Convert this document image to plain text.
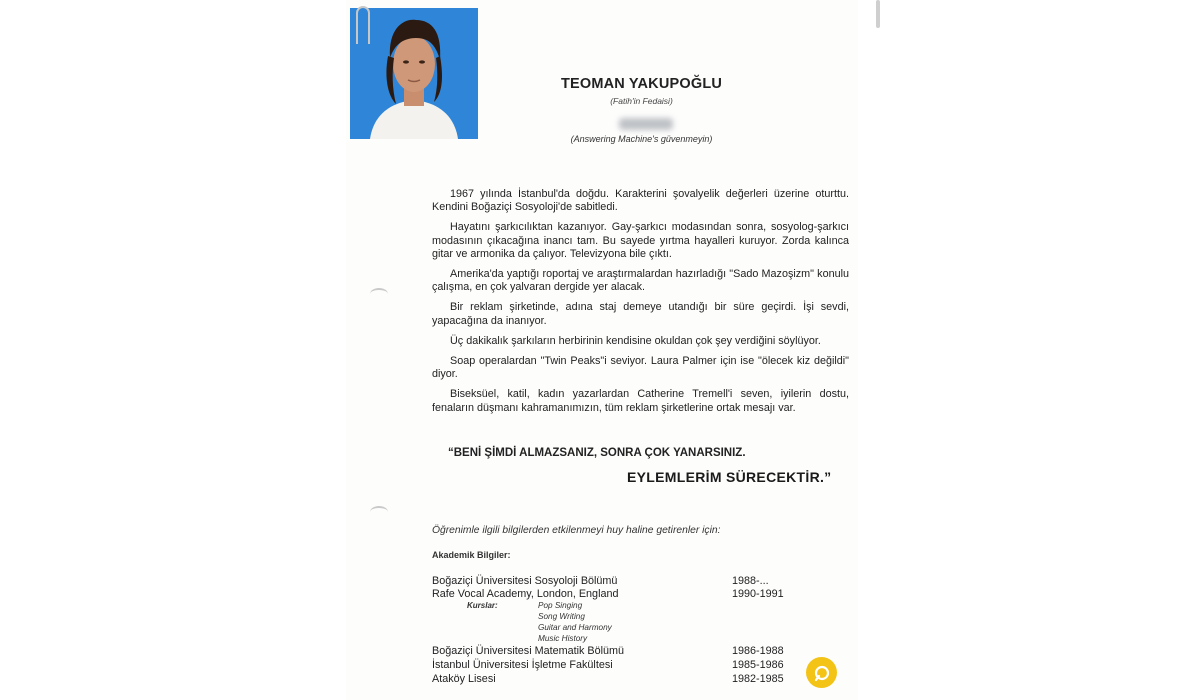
TEOMAN YAKUPOĞLU
(Fatih'in Fedaisi)
(Answering Machine's güvenmeyin)

1967 yılında İstanbul'da doğdu. Karakterini şovalyelik değerleri üzerine oturttu. Kendini Boğaziçi Sosyoloji'de sabitledi.

Hayatını şarkıcılıktan kazanıyor. Gay-şarkıcı modasından sonra, sosyolog-şarkıcı modasının çıkacağına inancı tam. Bu sayede yırtma hayalleri kuruyor. Zorda kalınca gitar ve armonika da çalıyor. Televizyona bile çıktı.

Amerika'da yaptığı roportaj ve araştırmalardan hazırladığı "Sado Mazoşizm" konulu çalışma, en çok yalvaran dergide yer alacak.

Bir reklam şirketinde, adına staj demeye utandığı bir süre geçirdi. İşi sevdi, yapacağına da inanıyor.

Üç dakikalık şarkıların herbirinin kendisine okuldan çok şey verdiğini söylüyor.

Soap operalardan "Twin Peaks"i seviyor. Laura Palmer için ise "ölecek kiz değildi" diyor.

Biseksüel, katil, kadın yazarlardan Catherine Tremell'i seven, iyilerin dostu, fenaların düşmanı kahramanımızın, tüm reklam şirketlerine ortak mesajı var.

“BENİ ŞİMDİ ALMAZSANIZ, SONRA ÇOK YANARSINIZ.
EYLEMLERİM SÜRECEKTİR.”
Öğrenimle ilgili bilgilerden etkilenmeyi huy haline getirenler için:
Akademik Bilgiler:
Boğaziçi Üniversitesi Sosyoloji Bölümü	1988-...
Rafe Vocal Academy, London, England	1990-1991
Kurslar:	Pop Singing
Song Writing
Guitar and Harmony
Music History
Boğaziçi Üniversitesi Matematik Bölümü	1986-1988
İstanbul Üniversitesi İşletme Fakültesi	1985-1986
Ataköy Lisesi	1982-1985
